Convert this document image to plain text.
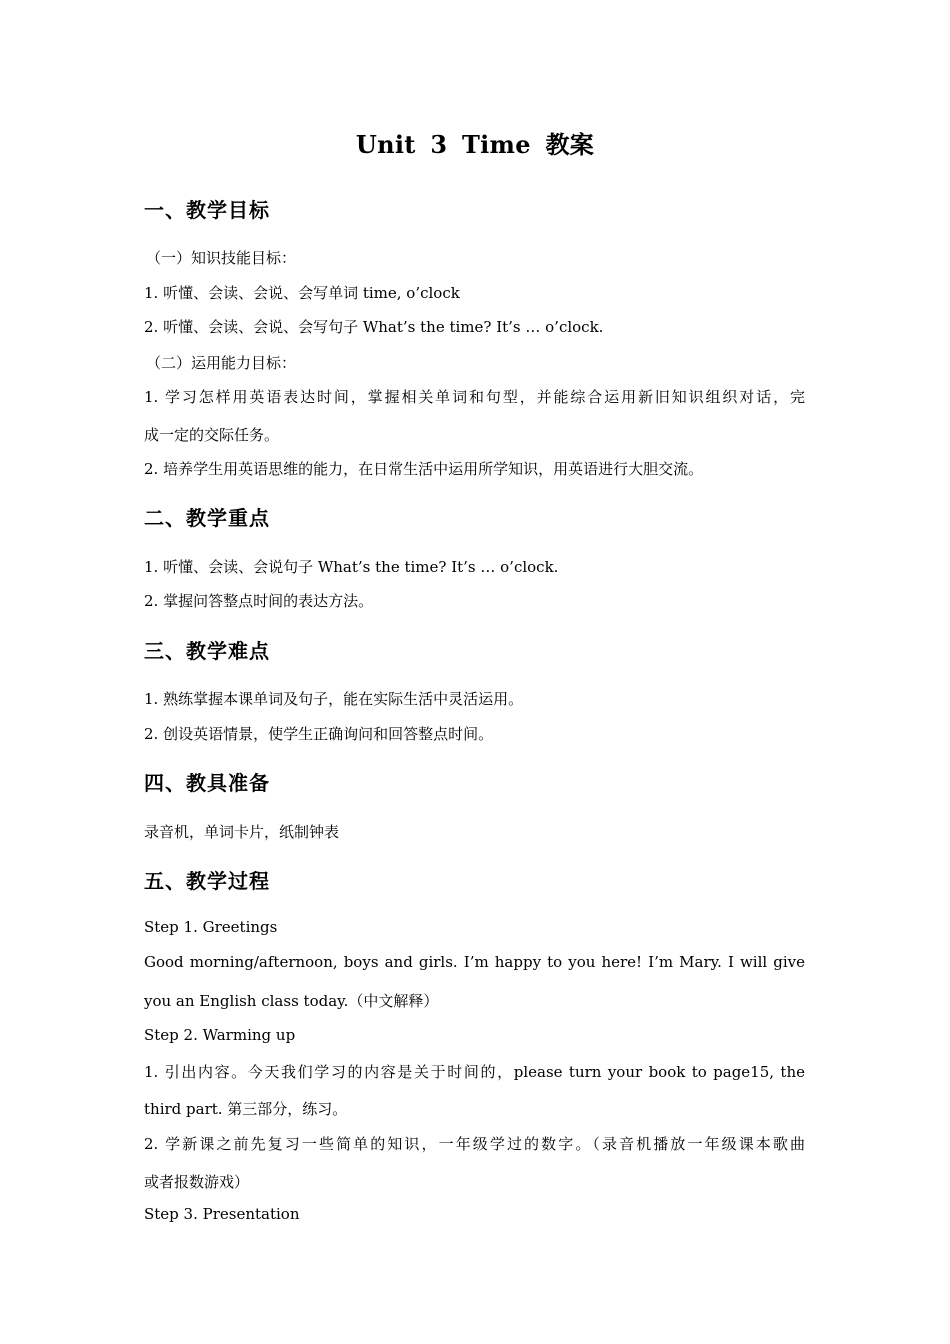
Unit 3 Time 教案
一、教学目标
（一）知识技能目标：
1. 听懂、会读、会说、会写单词 time, o’clock
2. 听懂、会读、会说、会写句子 What’s the time? It’s … o’clock.
（二）运用能力目标：
1. 学习怎样用英语表达时间，掌握相关单词和句型，并能综合运用新旧知识组织对话，完
成一定的交际任务。
2. 培养学生用英语思维的能力，在日常生活中运用所学知识，用英语进行大胆交流。
二、教学重点
1. 听懂、会读、会说句子 What’s the time? It’s … o’clock.
2. 掌握问答整点时间的表达方法。
三、教学难点
1. 熟练掌握本课单词及句子，能在实际生活中灵活运用。
2. 创设英语情景，使学生正确询问和回答整点时间。
四、教具准备
录音机，单词卡片，纸制钟表
五、教学过程
Step 1. Greetings
Good morning/afternoon, boys and girls. I’m happy to you here! I’m Mary. I will give
you an English class today.（中文解释）
Step 2. Warming up
1. 引出内容。今天我们学习的内容是关于时间的，please turn your book to page15, the
third part. 第三部分，练习。
2. 学新课之前先复习一些简单的知识，一年级学过的数字。（录音机播放一年级课本歌曲
或者报数游戏）
Step 3. Presentation
